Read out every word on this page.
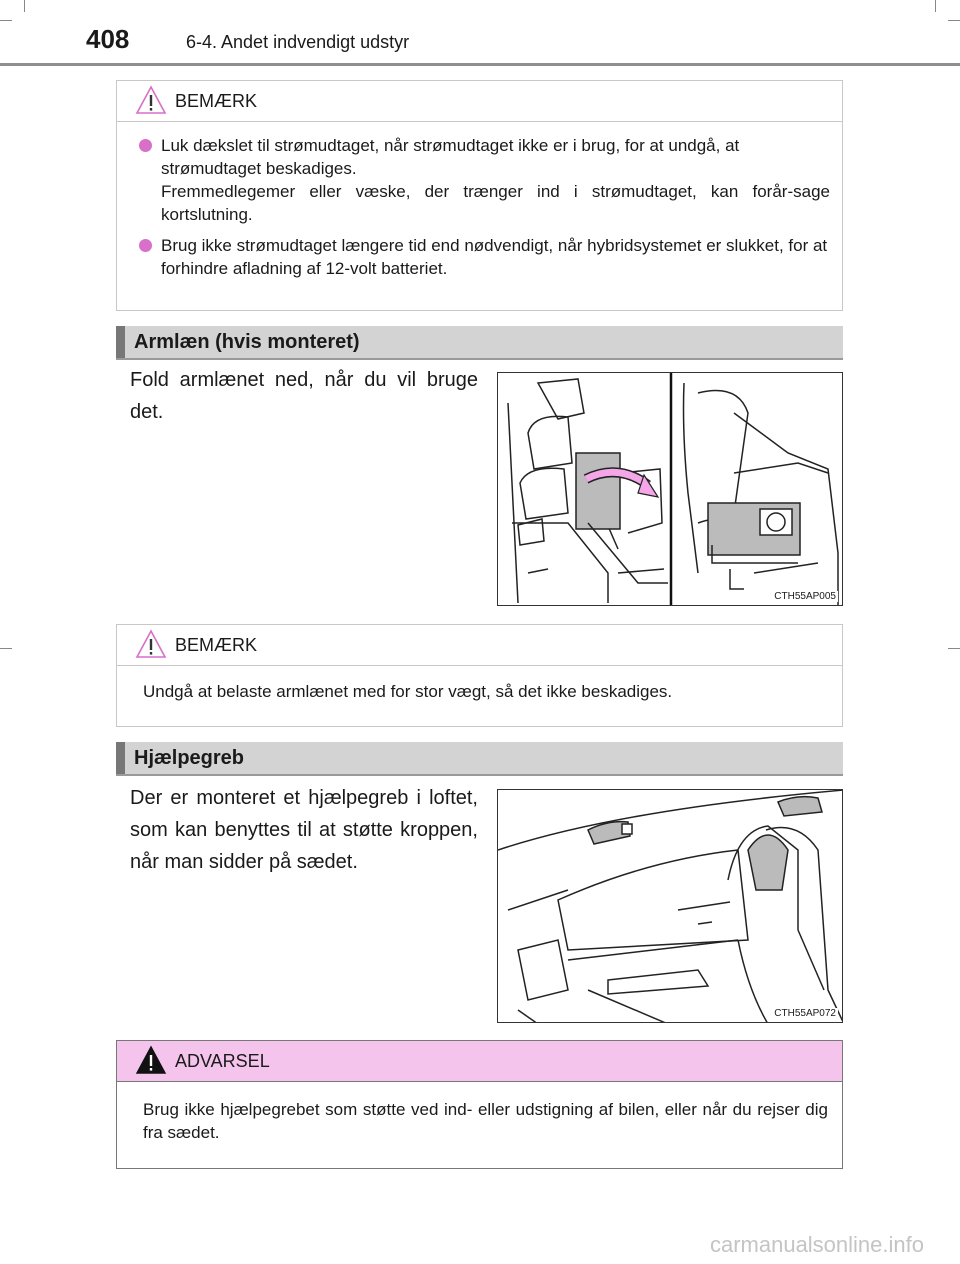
408	6-4. Andet indvendigt udstyr
BEMÆRK

Luk dækslet til strømudtaget, når strømudtaget ikke er i brug, for at undgå, at strømudtaget beskadiges.

Fremmedlegemer eller væske, der trænger ind i strømudtaget, kan forår-sage kortslutning.

Brug ikke strømudtaget længere tid end nødvendigt, når hybridsystemet er slukket, for at forhindre afladning af 12-volt batteriet.

Armlæn (hvis monteret)
Fold armlænet ned, når du vil bruge det.
CTH55AP005
BEMÆRK
Undgå at belaste armlænet med for stor vægt, så det ikke beskadiges.
Hjælpegreb
Der er monteret et hjælpegreb i loftet, som kan benyttes til at støtte kroppen, når man sidder på sædet.
CTH55AP072
ADVARSEL
Brug ikke hjælpegrebet som støtte ved ind- eller udstigning af bilen, eller når du rejser dig fra sædet.
carmanualsonline.info
